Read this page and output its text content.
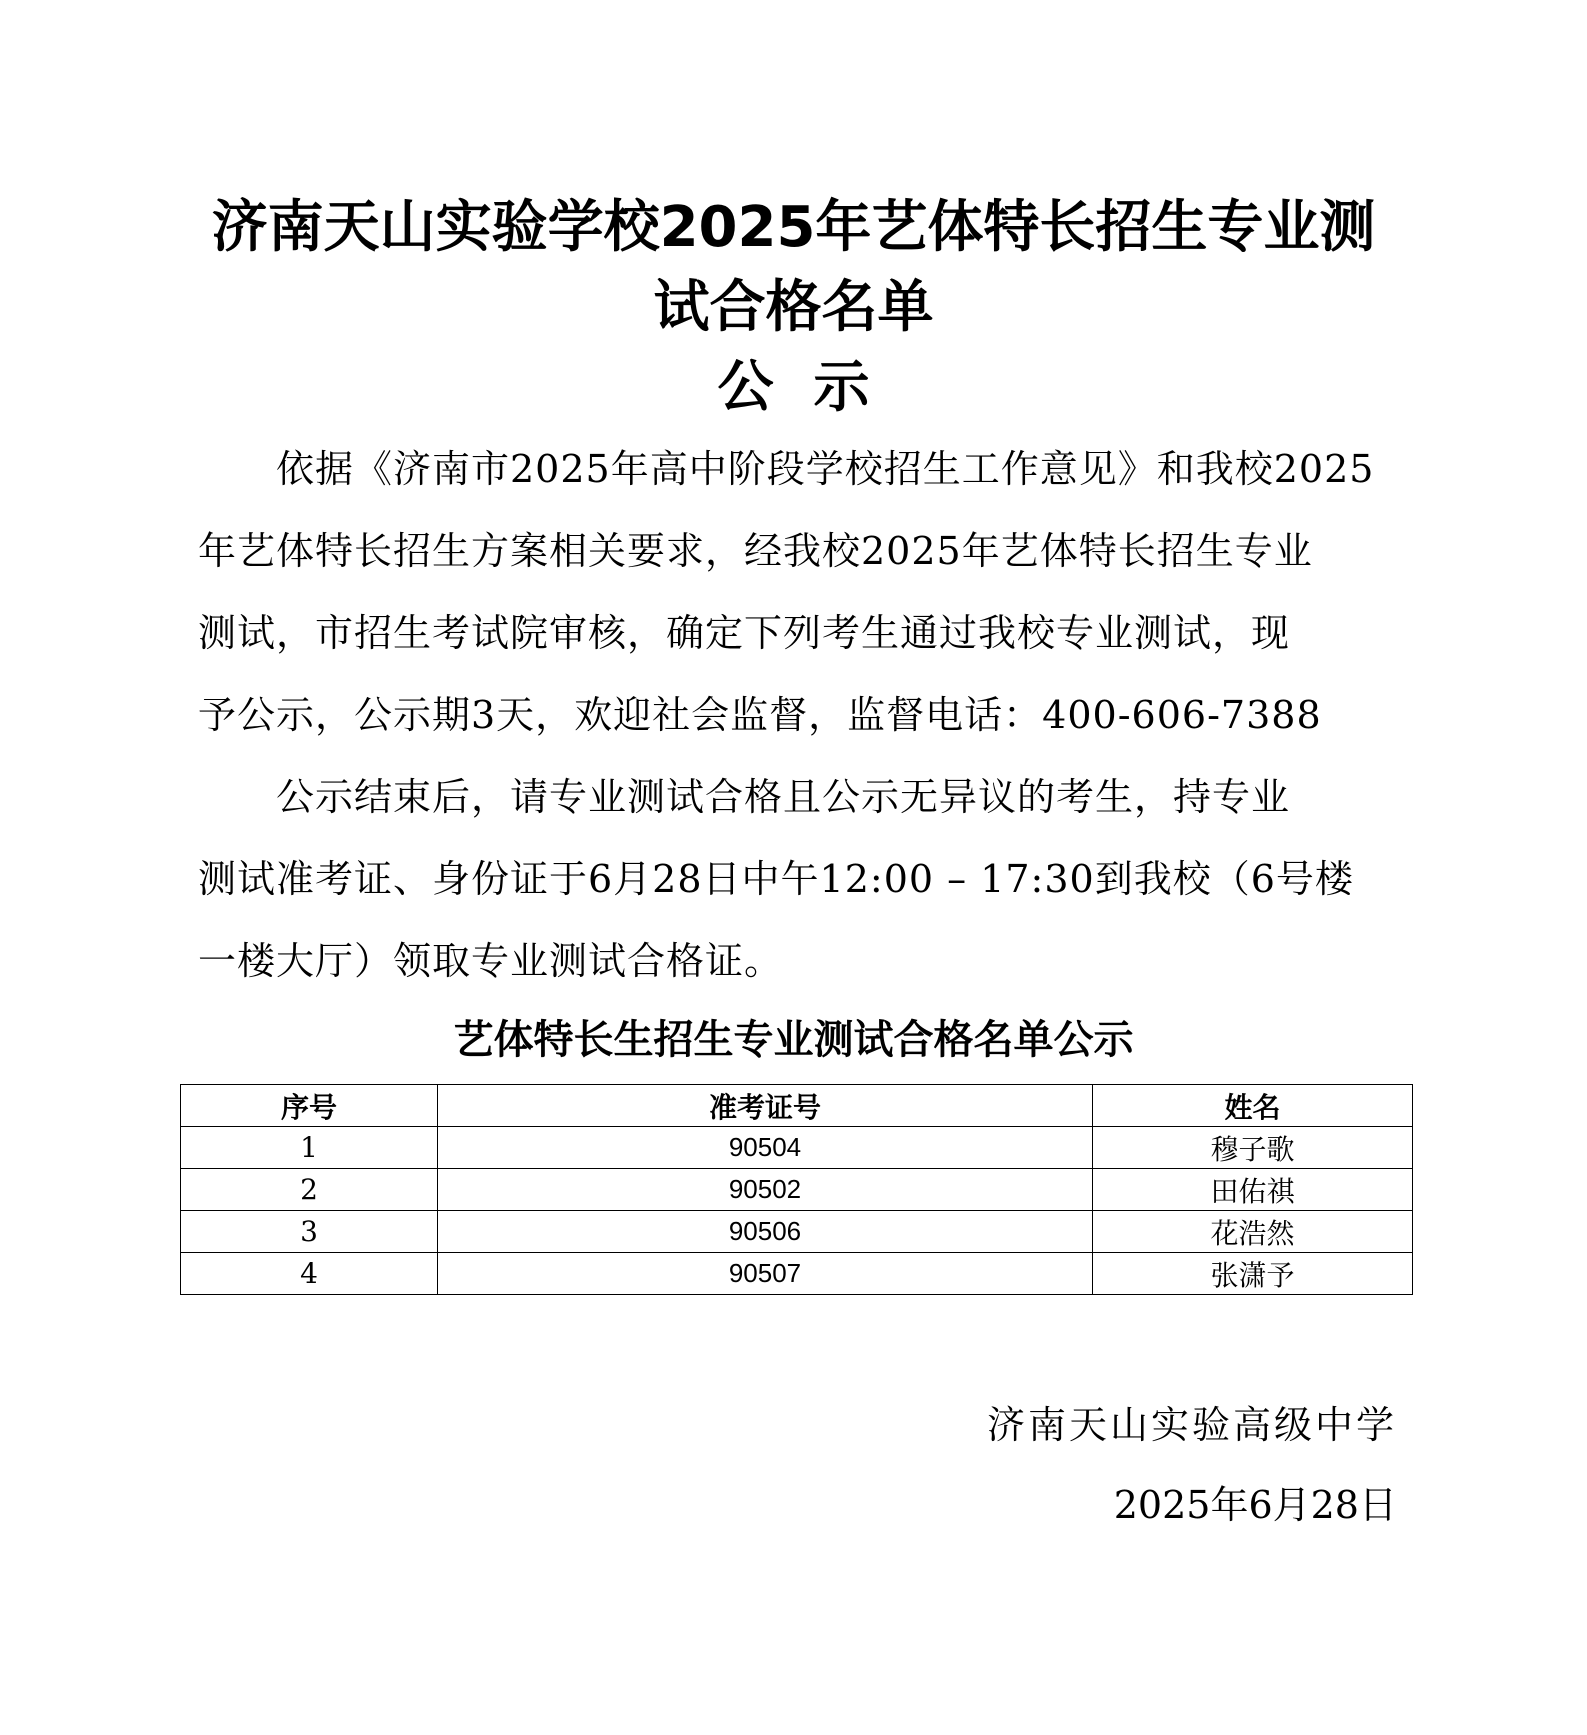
济南天山实验学校2025年艺体特长招生专业测
试合格名单
公示
　　依据《济南市2025年高中阶段学校招生工作意见》和我校2025
年艺体特长招生方案相关要求，经我校2025年艺体特长招生专业
测试，市招生考试院审核，确定下列考生通过我校专业测试，现
予公示，公示期3天，欢迎社会监督，监督电话：400-606-7388
　　公示结束后，请专业测试合格且公示无异议的考生，持专业
测试准考证、身份证于6月28日中午12:00 – 17:30到我校（6号楼
一楼大厅）领取专业测试合格证。
艺体特长生招生专业测试合格名单公示
序号	准考证号	姓名
1	90504	穆子歌
2	90502	田佑祺
3	90506	花浩然
4	90507	张潇予
济南天山实验高级中学
2025年6月28日
